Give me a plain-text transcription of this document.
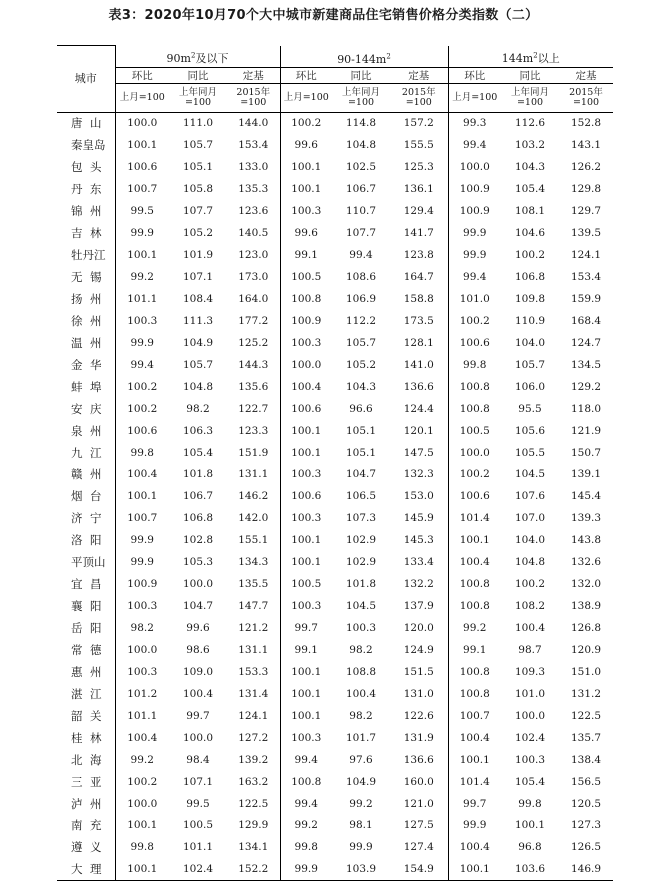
表3：2020年10月70个大中城市新建商品住宅销售价格分类指数（二）
城市	$90m^2$及以下			$90-144m^2$			$144m^2$以上		
	环比	同比	定基	环比	同比	定基	环比	同比	定基
	上月=100	上年同月=100	2015年=100	上月=100	上年同月=100	2015年=100	上月=100	上年同月=100	2015年=100
唐山	100.0	111.0	144.0	100.2	114.8	157.2	99.3	112.6	152.8
秦皇岛	100.1	105.7	153.4	99.6	104.8	155.5	99.4	103.2	143.1
包头	100.6	105.1	133.0	100.1	102.5	125.3	100.0	104.3	126.2
丹东	100.7	105.8	135.3	100.1	106.7	136.1	100.9	105.4	129.8
锦州	99.5	107.7	123.6	100.3	110.7	129.4	100.9	108.1	129.7
吉林	99.9	105.2	140.5	99.6	107.7	141.7	99.9	104.6	139.5
牡丹江	100.1	101.9	123.0	99.1	99.4	123.8	99.9	100.2	124.1
无锡	99.2	107.1	173.0	100.5	108.6	164.7	99.4	106.8	153.4
扬州	101.1	108.4	164.0	100.8	106.9	158.8	101.0	109.8	159.9
徐州	100.3	111.3	177.2	100.9	112.2	173.5	100.2	110.9	168.4
温州	99.9	104.9	125.2	100.3	105.7	128.1	100.6	104.0	124.7
金华	99.4	105.7	144.3	100.0	105.2	141.0	99.8	105.7	134.5
蚌埠	100.2	104.8	135.6	100.4	104.3	136.6	100.8	106.0	129.2
安庆	100.2	98.2	122.7	100.6	96.6	124.4	100.8	95.5	118.0
泉州	100.6	106.3	123.3	100.1	105.1	120.1	100.5	105.6	121.9
九江	99.8	105.4	151.9	100.1	105.1	147.5	100.0	105.5	150.7
赣州	100.4	101.8	131.1	100.3	104.7	132.3	100.2	104.5	139.1
烟台	100.1	106.7	146.2	100.6	106.5	153.0	100.6	107.6	145.4
济宁	100.7	106.8	142.0	100.3	107.3	145.9	101.4	107.0	139.3
洛阳	99.9	102.8	155.1	100.1	102.9	145.3	100.1	104.0	143.8
平顶山	99.9	105.3	134.3	100.1	102.9	133.4	100.4	104.8	132.6
宜昌	100.9	100.0	135.5	100.5	101.8	132.2	100.8	100.2	132.0
襄阳	100.3	104.7	147.7	100.3	104.5	137.9	100.8	108.2	138.9
岳阳	98.2	99.6	121.2	99.7	100.3	120.0	99.2	100.4	126.8
常德	100.0	98.6	131.1	99.1	98.2	124.9	99.1	98.7	120.9
惠州	100.3	109.0	153.3	100.1	108.8	151.5	100.8	109.3	151.0
湛江	101.2	100.4	131.4	100.1	100.4	131.0	100.8	101.0	131.2
韶关	101.1	99.7	124.1	100.1	98.2	122.6	100.7	100.0	122.5
桂林	100.4	100.0	127.2	100.3	101.7	131.9	100.4	102.4	135.7
北海	99.2	98.4	139.2	99.4	97.6	136.6	100.1	100.3	138.4
三亚	100.2	107.1	163.2	100.8	104.9	160.0	101.4	105.4	156.5
泸州	100.0	99.5	122.5	99.4	99.2	121.0	99.7	99.8	120.5
南充	100.1	100.5	129.9	99.2	98.1	127.5	99.9	100.1	127.3
遵义	99.8	101.1	134.1	99.8	99.9	127.4	100.4	96.8	126.5
大理	100.1	102.4	152.2	99.9	103.9	154.9	100.1	103.6	146.9
